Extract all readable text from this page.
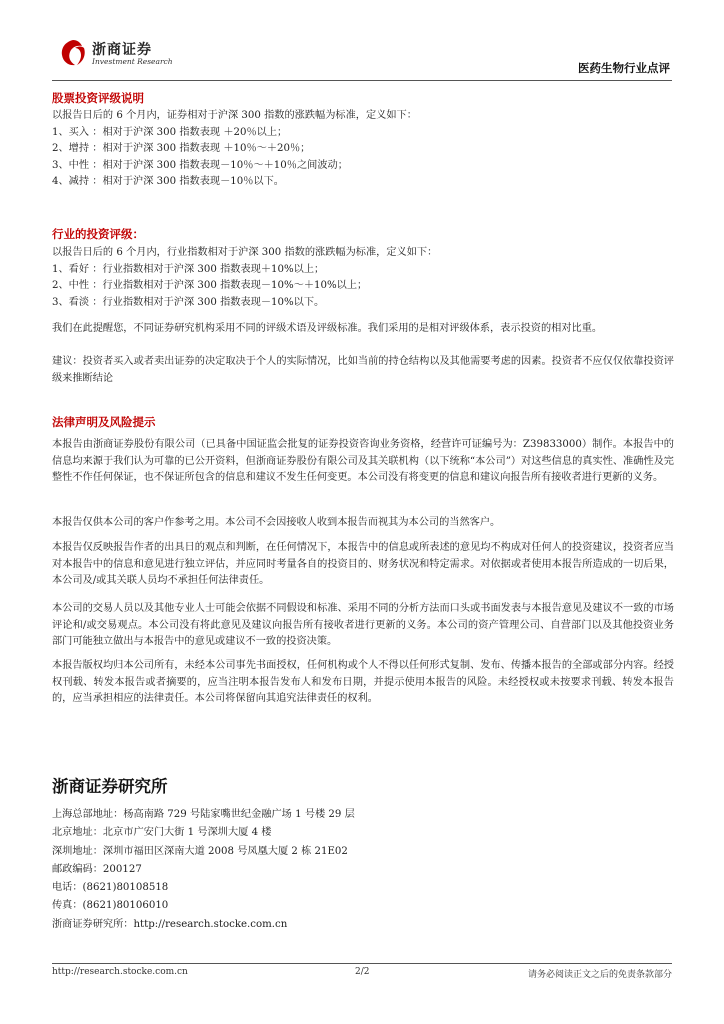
浙商证券
Investment Research	医药生物行业点评
股票投资评级说明
以报告日后的 6 个月内，证券相对于沪深 300 指数的涨跌幅为标准，定义如下：
1、买入 ：相对于沪深 300 指数表现 ＋20％以上；
2、增持 ：相对于沪深 300 指数表现 ＋10％～＋20％；
3、中性 ：相对于沪深 300 指数表现－10％～＋10％之间波动；
4、减持 ：相对于沪深 300 指数表现－10％以下。
行业的投资评级：
以报告日后的 6 个月内，行业指数相对于沪深 300 指数的涨跌幅为标准，定义如下：
1、看好 ：行业指数相对于沪深 300 指数表现＋10%以上；
2、中性 ：行业指数相对于沪深 300 指数表现－10%～＋10%以上；
3、看淡 ：行业指数相对于沪深 300 指数表现－10%以下。
我们在此提醒您，不同证券研究机构采用不同的评级术语及评级标准。我们采用的是相对评级体系，表示投资的相对比重。
建议：投资者买入或者卖出证券的决定取决于个人的实际情况，比如当前的持仓结构以及其他需要考虑的因素。投资者不应仅仅依靠投资评级来推断结论
法律声明及风险提示
本报告由浙商证券股份有限公司（已具备中国证监会批复的证券投资咨询业务资格，经营许可证编号为：Z39833000）制作。本报告中的信息均来源于我们认为可靠的已公开资料，但浙商证券股份有限公司及其关联机构（以下统称“本公司”）对这些信息的真实性、准确性及完整性不作任何保证，也不保证所包含的信息和建议不发生任何变更。本公司没有将变更的信息和建议向报告所有接收者进行更新的义务。
本报告仅供本公司的客户作参考之用。本公司不会因接收人收到本报告而视其为本公司的当然客户。
本报告仅反映报告作者的出具日的观点和判断，在任何情况下，本报告中的信息或所表述的意见均不构成对任何人的投资建议，投资者应当对本报告中的信息和意见进行独立评估，并应同时考量各自的投资目的、财务状况和特定需求。对依据或者使用本报告所造成的一切后果，本公司及/或其关联人员均不承担任何法律责任。
本公司的交易人员以及其他专业人士可能会依据不同假设和标准、采用不同的分析方法而口头或书面发表与本报告意见及建议不一致的市场评论和/或交易观点。本公司没有将此意见及建议向报告所有接收者进行更新的义务。本公司的资产管理公司、自营部门以及其他投资业务部门可能独立做出与本报告中的意见或建议不一致的投资决策。
本报告版权均归本公司所有，未经本公司事先书面授权，任何机构或个人不得以任何形式复制、发布、传播本报告的全部或部分内容。经授权刊载、转发本报告或者摘要的，应当注明本报告发布人和发布日期，并提示使用本报告的风险。未经授权或未按要求刊载、转发本报告的，应当承担相应的法律责任。本公司将保留向其追究法律责任的权利。
浙商证券研究所
上海总部地址：杨高南路 729 号陆家嘴世纪金融广场 1 号楼 29 层
北京地址：北京市广安门大街 1 号深圳大厦 4 楼
深圳地址：深圳市福田区深南大道 2008 号凤凰大厦 2 栋 21E02
邮政编码：200127
电话：(8621)80108518
传真：(8621)80106010
浙商证券研究所：http://research.stocke.com.cn
http://research.stocke.com.cn	2/2	请务必阅读正文之后的免责条款部分
